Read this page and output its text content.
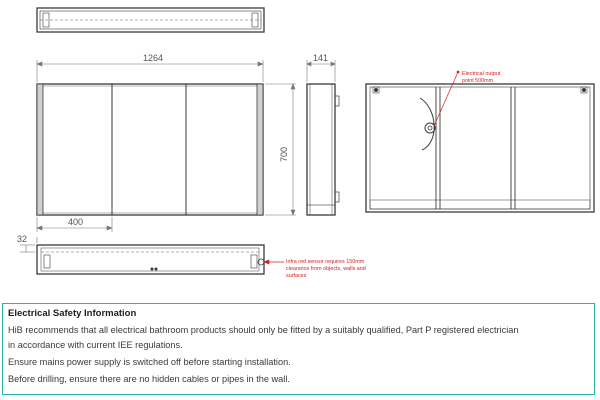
1264
400
141
700
Electrical output point 500mm
32
Infra red sensor requires 150mm clearance from objects, walls and surfaces
Electrical Safety Information

HiB recommends that all electrical bathroom products should only be fitted by a suitably qualified, Part P registered electrician

in accordance with current IEE regulations.

Ensure mains power supply is switched off before starting installation.

Before drilling, ensure there are no hidden cables or pipes in the wall.
